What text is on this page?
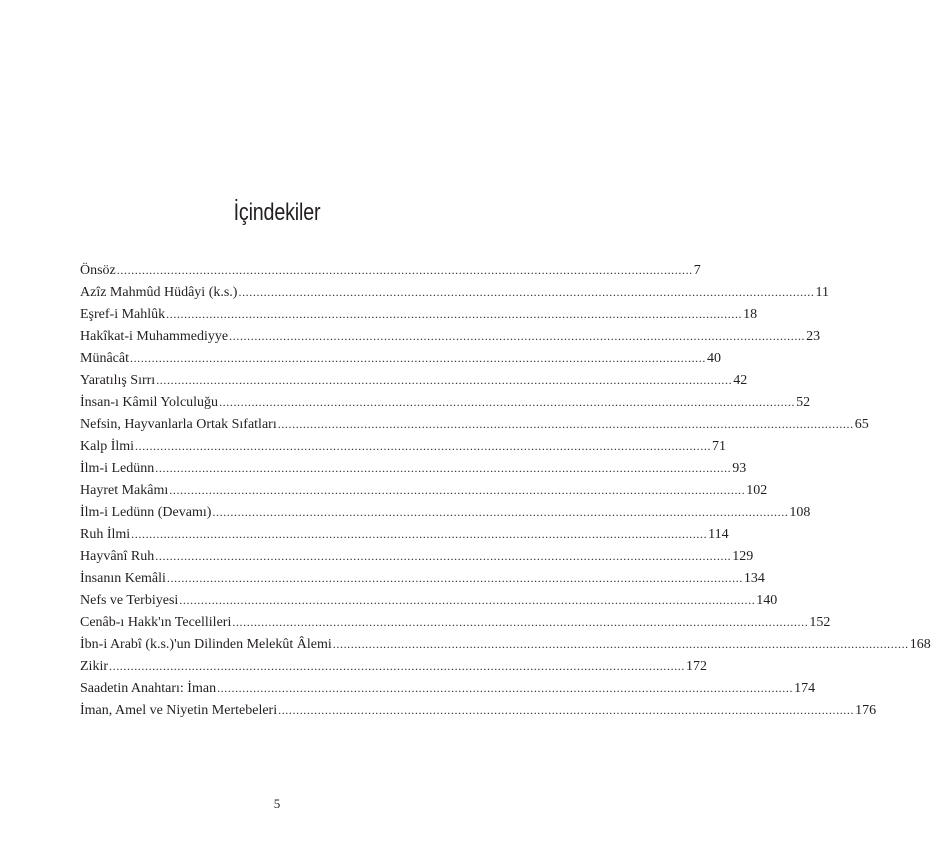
İçindekiler
Önsöz ................................................................................................................................................................ 7
Azîz Mahmûd Hüdâyi (k.s.) ................................................................................................................................................................ 11
Eşref-i Mahlûk ................................................................................................................................................................ 18
Hakîkat-i Muhammediyye ................................................................................................................................................................ 23
Münâcât ................................................................................................................................................................ 40
Yaratılış Sırrı ................................................................................................................................................................ 42
İnsan-ı Kâmil Yolculuğu ................................................................................................................................................................ 52
Nefsin, Hayvanlarla Ortak Sıfatları ................................................................................................................................................................ 65
Kalp İlmi ................................................................................................................................................................ 71
İlm-i Ledünn ................................................................................................................................................................ 93
Hayret Makâmı ................................................................................................................................................................ 102
İlm-i Ledünn (Devamı) ................................................................................................................................................................ 108
Ruh İlmi ................................................................................................................................................................ 114
Hayvânî Ruh ................................................................................................................................................................ 129
İnsanın Kemâli ................................................................................................................................................................ 134
Nefs ve Terbiyesi ................................................................................................................................................................ 140
Cenâb-ı Hakk'ın Tecellileri ................................................................................................................................................................ 152
İbn-i Arabî (k.s.)'un Dilinden Melekût Âlemi ................................................................................................................................................................ 168
Zikir ................................................................................................................................................................ 172
Saadetin Anahtarı: İman ................................................................................................................................................................ 174
İman, Amel ve Niyetin Mertebeleri ................................................................................................................................................................ 176
5
